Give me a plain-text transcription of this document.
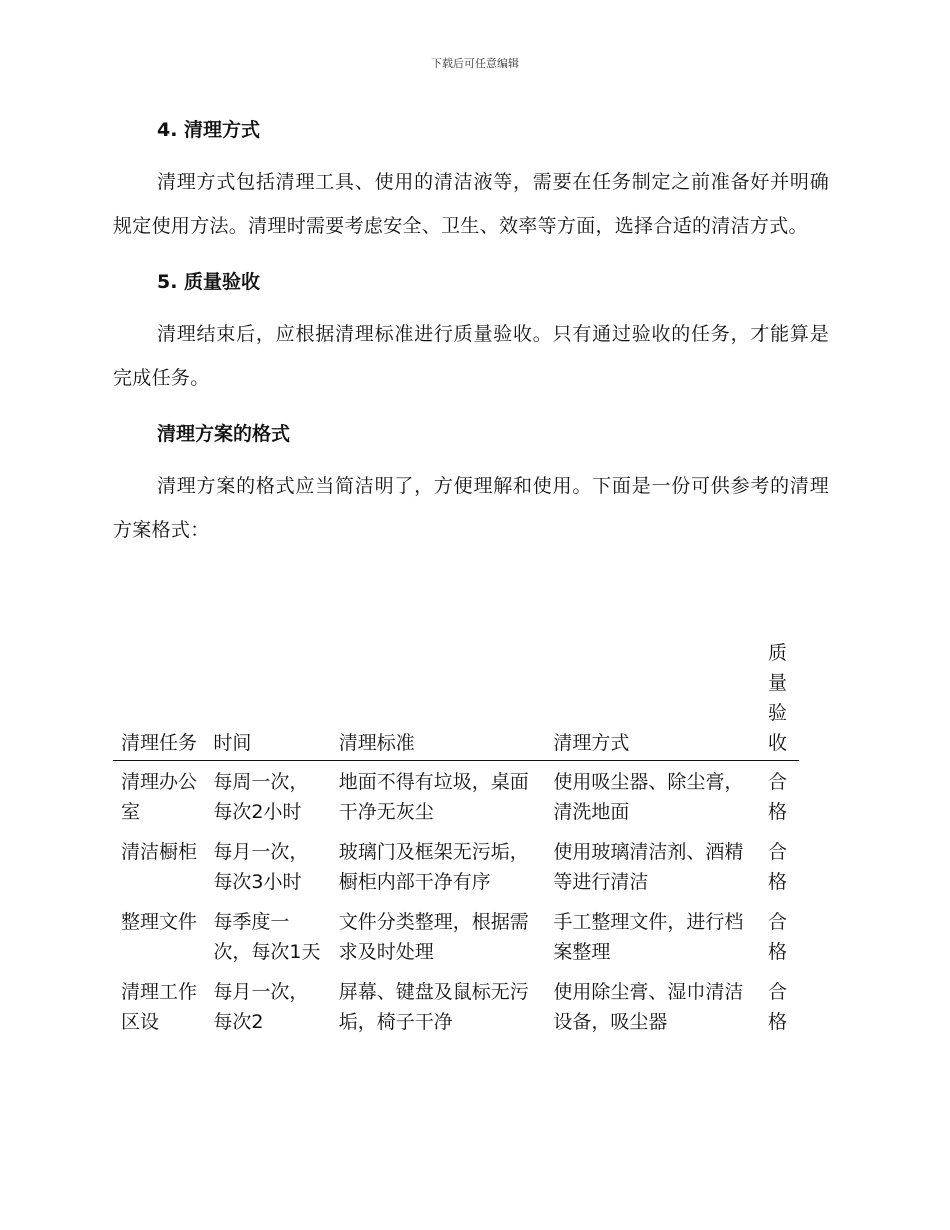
下载后可任意编辑
4. 清理方式

清理方式包括清理工具、使用的清洁液等，需要在任务制定之前准备好并明确规定使用方法。清理时需要考虑安全、卫生、效率等方面，选择合适的清洁方式。

5. 质量验收

清理结束后，应根据清理标准进行质量验收。只有通过验收的任务，才能算是完成任务。

清理方案的格式

清理方案的格式应当简洁明了，方便理解和使用。下面是一份可供参考的清理方案格式：

清理任务	时间	清理标准	清理方式	质量验收
清理办公室	每周一次，每次2小时	地面不得有垃圾，桌面干净无灰尘	使用吸尘器、除尘膏，清洗地面	合格
清洁橱柜	每月一次，每次3小时	玻璃门及框架无污垢，橱柜内部干净有序	使用玻璃清洁剂、酒精等进行清洁	合格
整理文件	每季度一次，每次1天	文件分类整理，根据需求及时处理	手工整理文件，进行档案整理	合格
清理工作区设	每月一次，每次2	屏幕、键盘及鼠标无污垢，椅子干净	使用除尘膏、湿巾清洁设备，吸尘器	合格
